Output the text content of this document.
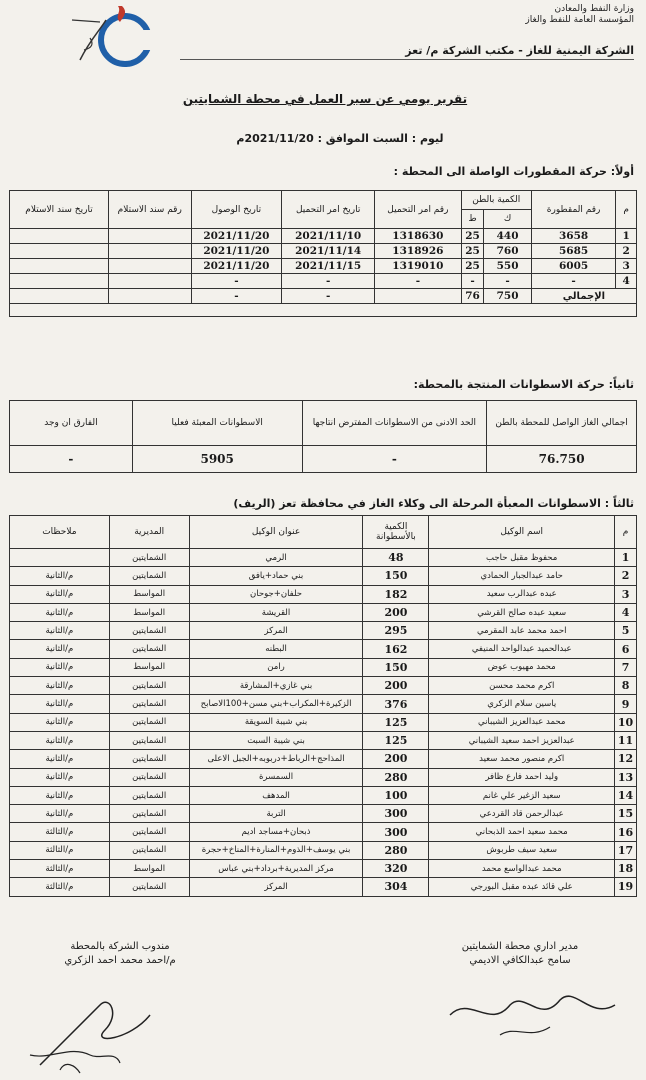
وزارة النفط والمعادن
المؤسسة العامة للنفط والغاز
الشركة اليمنية للغاز - مكتب الشركة م/ تعز
تقرير يومي عن سير العمل في محطة الشمايتين
ليوم : السبت الموافق : 2021/11/20م
أولاً: حركة المقطورات الواصلة الى المحطة :
م	رقم المقطورة	الكمية بالطن		رقم امر التحميل	تاريخ امر التحميل	تاريخ الوصول	رقم سند الاستلام	تاريخ سند الاستلام
		ك	ط					
1	3658	440	25	1318630	2021/11/10	2021/11/20		
2	5685	760	25	1318926	2021/11/14	2021/11/20		
3	6005	550	25	1319010	2021/11/15	2021/11/20		
4	-	-	-	-	-	-		
الإجمالي		750	76		-	-		

ثانياً: حركة الاسطوانات المنتجة بالمحطة:
اجمالي الغاز الواصل للمحطة بالطن	الحد الادنى من الاسطوانات المفترض انتاجها	الاسطوانات المعبئة فعليا	الفارق ان وجد
76.750	-	5905	-
ثالثاً : الاسطوانات المعبأة المرحلة الى وكلاء الغاز في محافظة تعز (الريف)
م	اسم الوكيل	الكمية بالأسطوانة	عنوان الوكيل	المديرية	ملاحظات
1	محفوظ مقبل حاجب	48	الرمي	الشمايتين	
2	حامد عبدالجبار الحمادي	150	بني حماد+يافق	الشمايتين	م/الثانية
3	عبده عبدالرب سعيد	182	حلفان+جوحان	المواسط	م/الثانية
4	سعيد عبده صالح القرشي	200	القريشة	المواسط	م/الثانية
5	احمد محمد عابد المقرمي	295	المركز	الشمايتين	م/الثانية
6	عبدالحميد عبدالواحد المنيفي	162	البطنه	الشمايتين	م/الثانية
7	محمد مهيوب عوض	150	رامن	المواسط	م/الثانية
8	اكرم محمد محسن	200	بني غازي+المشارقة	الشمايتين	م/الثانية
9	ياسين سلام الزكري	376	الزكيرة+المكراب+بني مسن+100الاصابح	الشمايتين	م/الثانية
10	محمد عبدالعزيز الشيباني	125	بني شيبة السويقة	الشمايتين	م/الثانية
11	عبدالعزيز احمد سعيد الشيباني	125	بني شيبة السبت	الشمايتين	م/الثانية
12	اكرم منصور محمد سعيد	200	المذاحج+الرباط+دربوبه+الجبل الاعلى	الشمايتين	م/الثانية
13	وليد احمد فارع ظافر	280	السمسرة	الشمايتين	م/الثانية
14	سعيد الزغير علي غانم	100	المدهف	الشمايتين	م/الثانية
15	عبدالرحمن قاد القردعي	300	التربة	الشمايتين	م/الثانية
16	محمد سعيد احمد الذبحاني	300	ذبحان+مساجد اديم	الشمايتين	م/الثالثة
17	سعيد سيف طربوش	280	بني يوسف+الذوم+المنارة+المناخ+حجرة	الشمايتين	م/الثالثة
18	محمد عبدالواسع محمد	320	مركز المديرية+برداد+بني عباس	المواسط	م/الثالثة
19	علي قائد عبده مقبل البورجي	304	المركز	الشمايتين	م/الثالثة
مندوب الشركة بالمحطة
م/احمد محمد احمد الزكري
مدير اداري محطة الشمايتين
سامح عبدالكافي الاديمي
